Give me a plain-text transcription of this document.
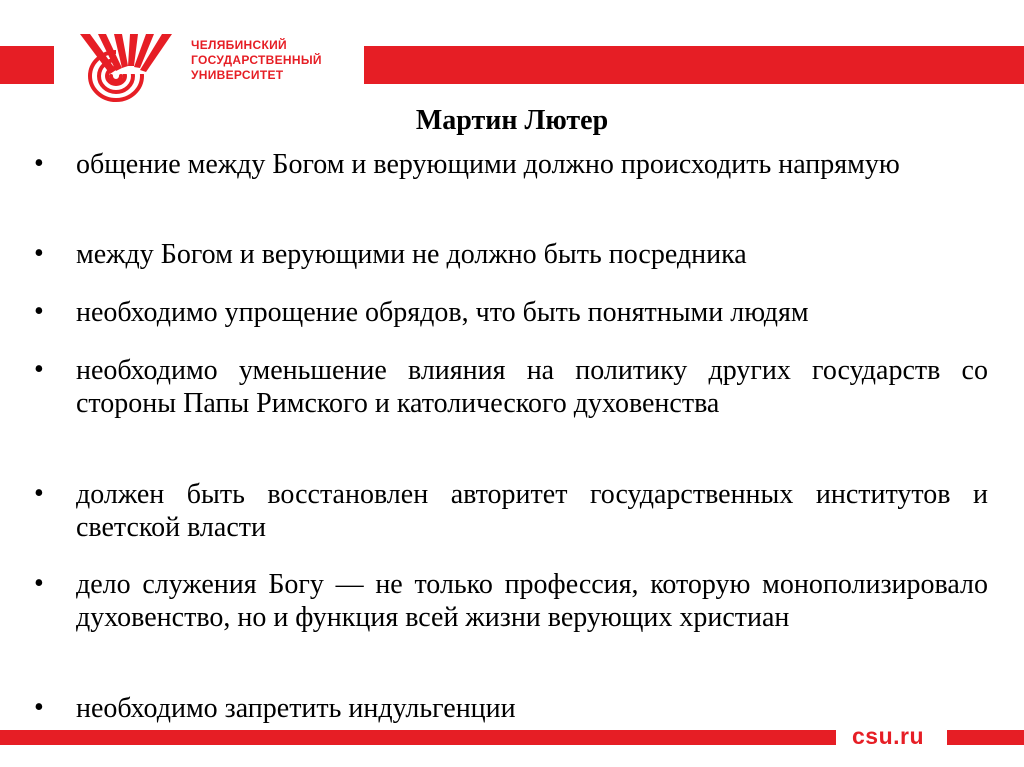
ЧЕЛЯБИНСКИЙ
ГОСУДАРСТВЕННЫЙ
УНИВЕРСИТЕТ
Мартин Лютер
•	общение между Богом и верующими должно происходить напрямую
•	между Богом и верующими не должно быть посредника
•	необходимо упрощение обрядов, что быть понятными людям
•	необходимо уменьшение влияния на политику других государств со стороны Папы Римского и католического духовенства
•	должен быть восстановлен авторитет государственных институтов и светской власти
•	дело служения Богу — не только профессия, которую монополизировало духовенство, но и функция всей жизни верующих христиан
•	необходимо запретить индульгенции
csu.ru
